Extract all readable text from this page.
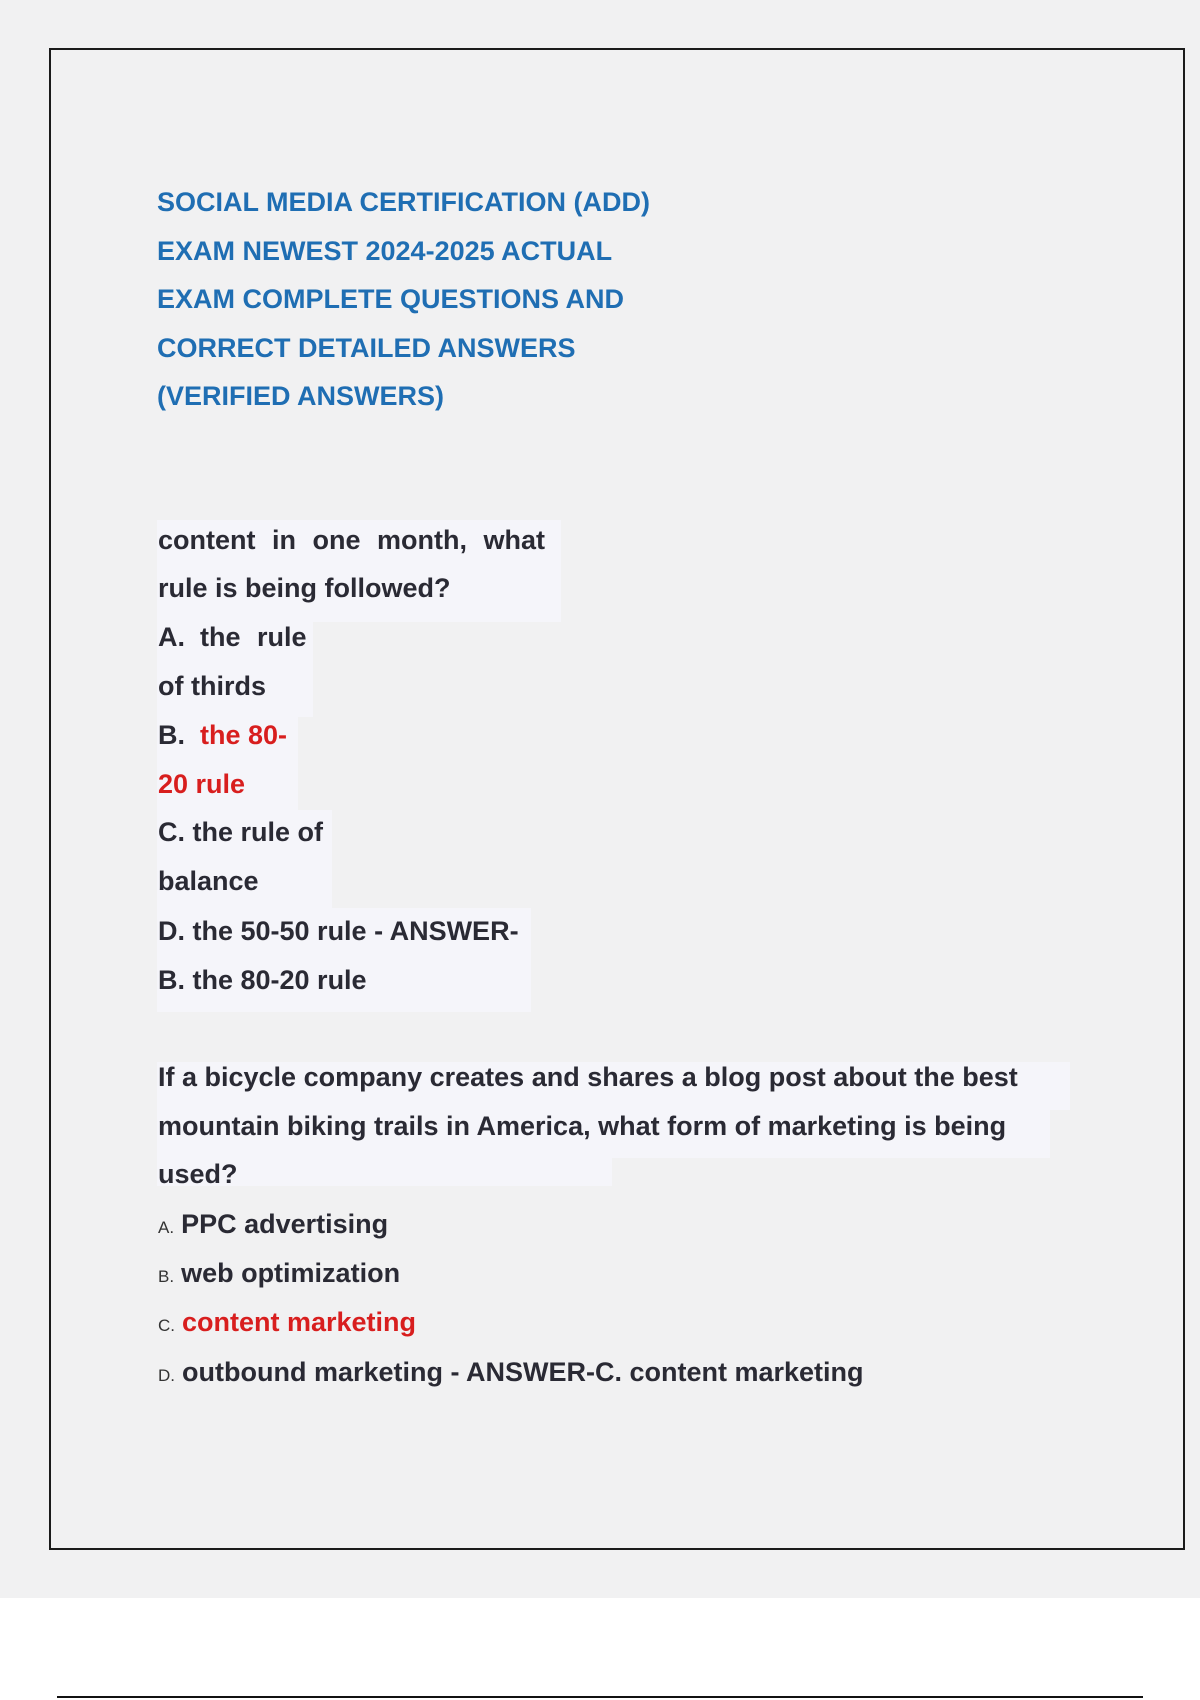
SOCIAL MEDIA CERTIFICATION (ADD)
EXAM NEWEST 2024-2025 ACTUAL
EXAM COMPLETE QUESTIONS AND
CORRECT DETAILED ANSWERS
(VERIFIED ANSWERS)
content in one month, what
rule is being followed?
A. the rule
of thirds
B. the 80-
20 rule
C. the rule of
balance
D. the 50-50 rule - ANSWER-
B. the 80-20 rule
If a bicycle company creates and shares a blog post about the best
mountain biking trails in America, what form of marketing is being
used?
A. PPC advertising
B. web optimization
C. content marketing
D. outbound marketing - ANSWER-C. content marketing
